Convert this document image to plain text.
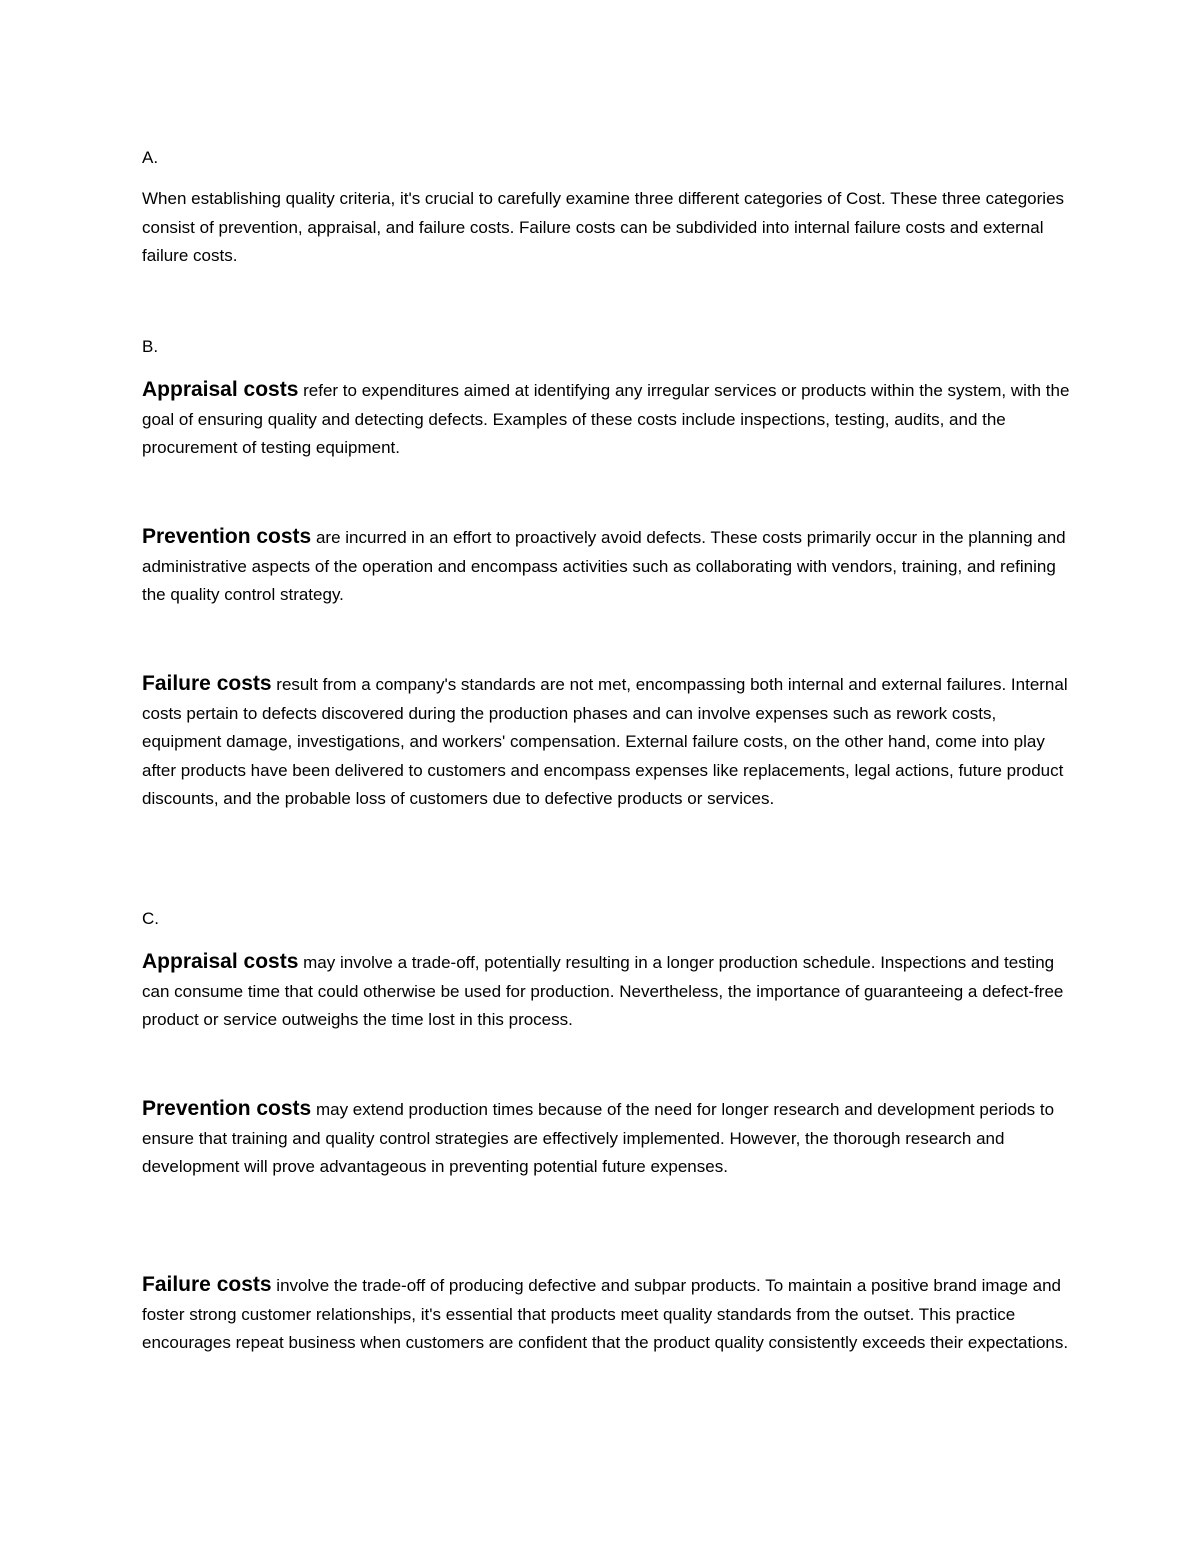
A.
When establishing quality criteria, it's crucial to carefully examine three different categories of Cost. These three categories consist of prevention, appraisal, and failure costs. Failure costs can be subdivided into internal failure costs and external failure costs.
B.
Appraisal costs refer to expenditures aimed at identifying any irregular services or products within the system, with the goal of ensuring quality and detecting defects. Examples of these costs include inspections, testing, audits, and the procurement of testing equipment.
Prevention costs are incurred in an effort to proactively avoid defects. These costs primarily occur in the planning and administrative aspects of the operation and encompass activities such as collaborating with vendors, training, and refining the quality control strategy.
Failure costs result from a company's standards are not met, encompassing both internal and external failures. Internal costs pertain to defects discovered during the production phases and can involve expenses such as rework costs, equipment damage, investigations, and workers' compensation. External failure costs, on the other hand, come into play after products have been delivered to customers and encompass expenses like replacements, legal actions, future product discounts, and the probable loss of customers due to defective products or services.
C.
Appraisal costs may involve a trade-off, potentially resulting in a longer production schedule. Inspections and testing can consume time that could otherwise be used for production. Nevertheless, the importance of guaranteeing a defect-free product or service outweighs the time lost in this process.
Prevention costs may extend production times because of the need for longer research and development periods to ensure that training and quality control strategies are effectively implemented. However, the thorough research and development will prove advantageous in preventing potential future expenses.
Failure costs involve the trade-off of producing defective and subpar products. To maintain a positive brand image and foster strong customer relationships, it's essential that products meet quality standards from the outset. This practice encourages repeat business when customers are confident that the product quality consistently exceeds their expectations.
